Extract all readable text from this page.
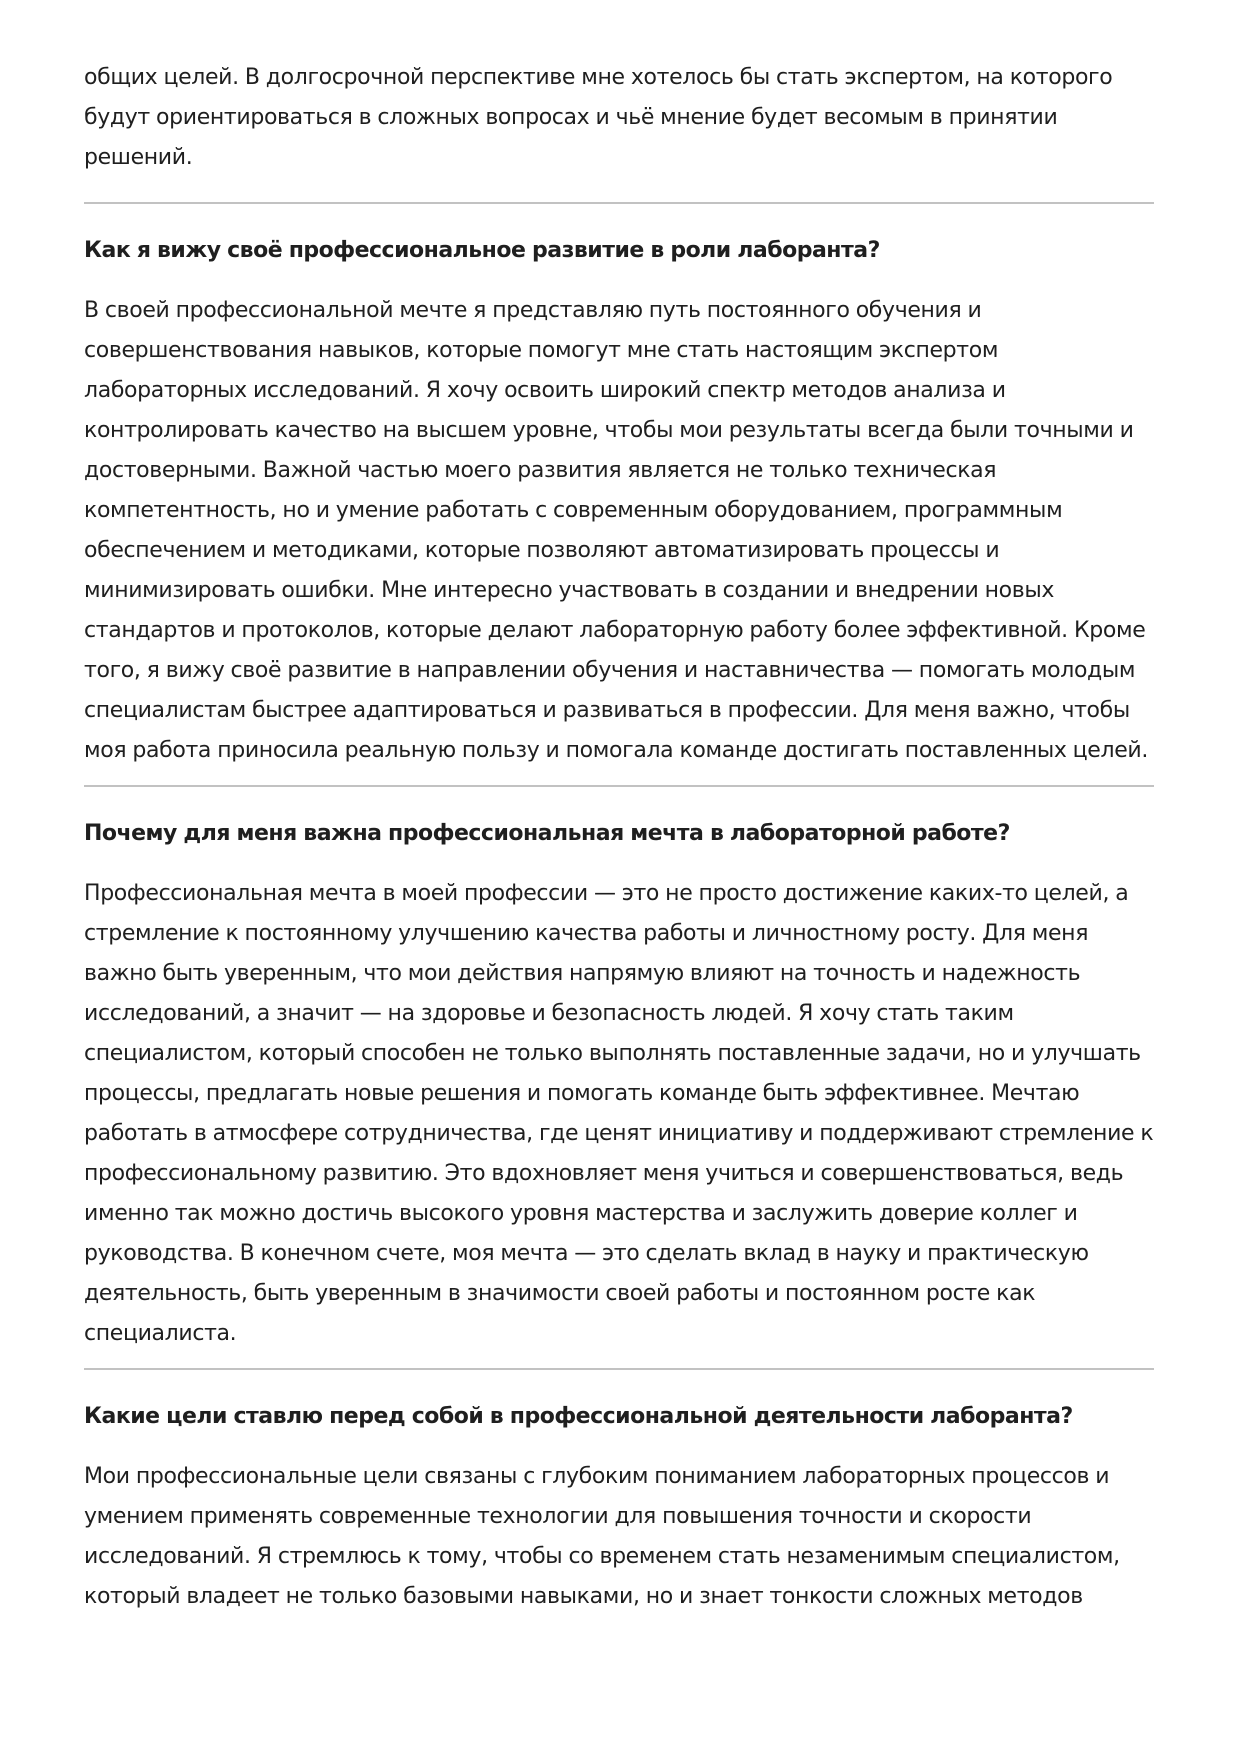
общих целей. В долгосрочной перспективе мне хотелось бы стать экспертом, на которого будут ориентироваться в сложных вопросах и чьё мнение будет весомым в принятии решений.

Как я вижу своё профессиональное развитие в роли лаборанта?

В своей профессиональной мечте я представляю путь постоянного обучения и совершенствования навыков, которые помогут мне стать настоящим экспертом лабораторных исследований. Я хочу освоить широкий спектр методов анализа и контролировать качество на высшем уровне, чтобы мои результаты всегда были точными и достоверными. Важной частью моего развития является не только техническая компетентность, но и умение работать с современным оборудованием, программным обеспечением и методиками, которые позволяют автоматизировать процессы и минимизировать ошибки. Мне интересно участвовать в создании и внедрении новых стандартов и протоколов, которые делают лабораторную работу более эффективной. Кроме того, я вижу своё развитие в направлении обучения и наставничества — помогать молодым специалистам быстрее адаптироваться и развиваться в профессии. Для меня важно, чтобы моя работа приносила реальную пользу и помогала команде достигать поставленных целей.

Почему для меня важна профессиональная мечта в лабораторной работе?

Профессиональная мечта в моей профессии — это не просто достижение каких-то целей, а стремление к постоянному улучшению качества работы и личностному росту. Для меня важно быть уверенным, что мои действия напрямую влияют на точность и надежность исследований, а значит — на здоровье и безопасность людей. Я хочу стать таким специалистом, который способен не только выполнять поставленные задачи, но и улучшать процессы, предлагать новые решения и помогать команде быть эффективнее. Мечтаю работать в атмосфере сотрудничества, где ценят инициативу и поддерживают стремление к профессиональному развитию. Это вдохновляет меня учиться и совершенствоваться, ведь именно так можно достичь высокого уровня мастерства и заслужить доверие коллег и руководства. В конечном счете, моя мечта — это сделать вклад в науку и практическую деятельность, быть уверенным в значимости своей работы и постоянном росте как специалиста.

Какие цели ставлю перед собой в профессиональной деятельности лаборанта?

Мои профессиональные цели связаны с глубоким пониманием лабораторных процессов и умением применять современные технологии для повышения точности и скорости исследований. Я стремлюсь к тому, чтобы со временем стать незаменимым специалистом, который владеет не только базовыми навыками, но и знает тонкости сложных методов
